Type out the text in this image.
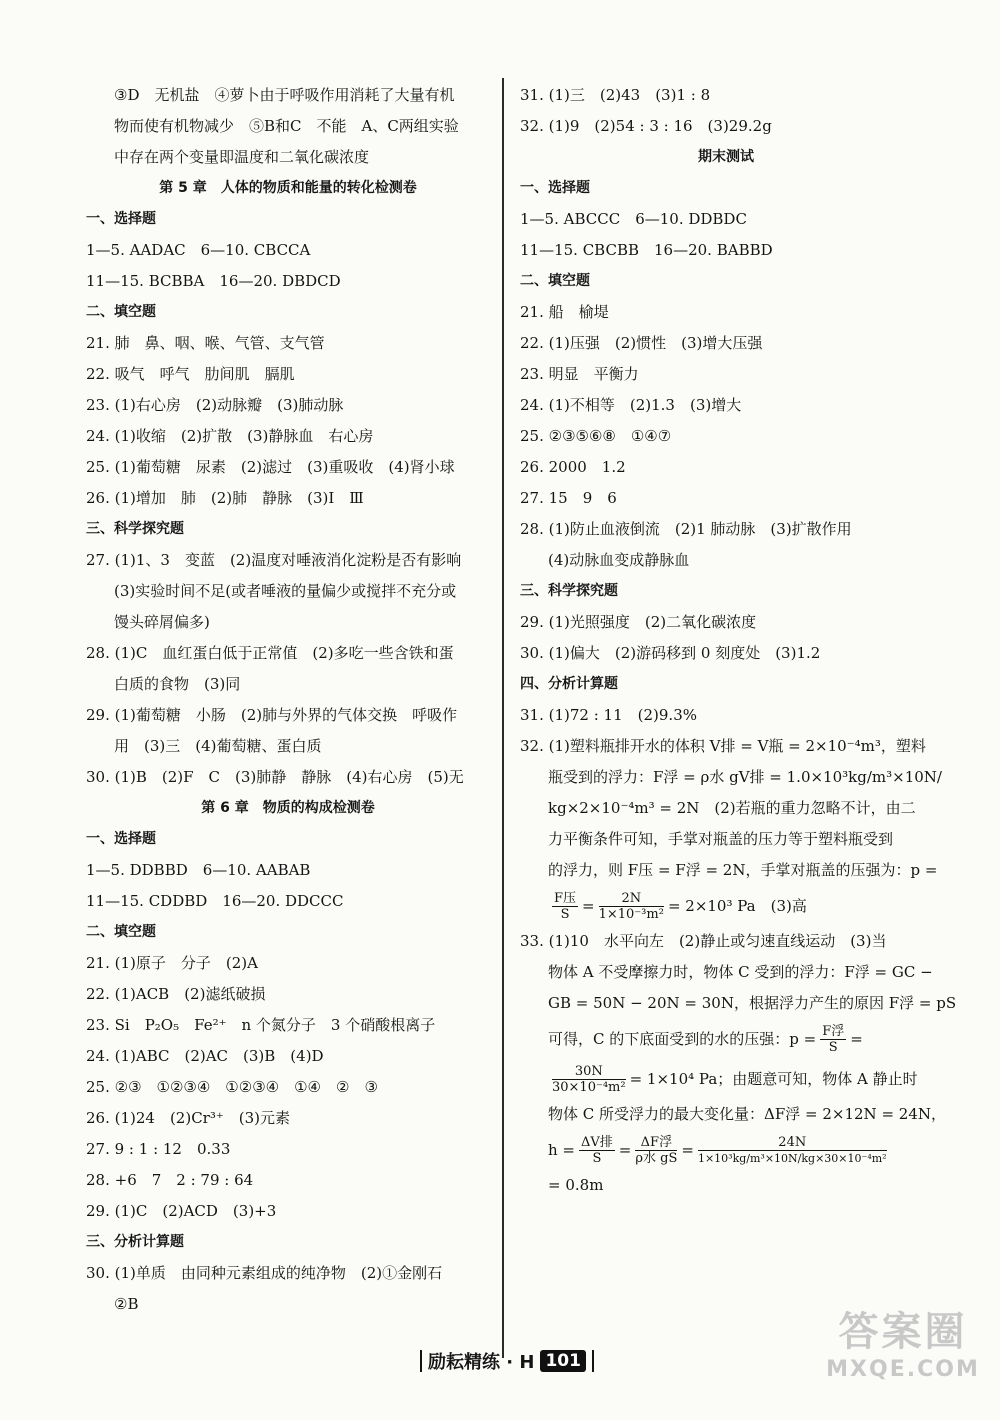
③D　无机盐　④萝卜由于呼吸作用消耗了大量有机
物而使有机物减少　⑤B和C　不能　A、C两组实验
中存在两个变量即温度和二氧化碳浓度
第 5 章　人体的物质和能量的转化检测卷
一、选择题
1—5. AADAC　6—10. CBCCA
11—15. BCBBA　16—20. DBDCD
二、填空题
21. 肺　鼻、咽、喉、气管、支气管
22. 吸气　呼气　肋间肌　膈肌
23. (1)右心房　(2)动脉瓣　(3)肺动脉
24. (1)收缩　(2)扩散　(3)静脉血　右心房
25. (1)葡萄糖　尿素　(2)滤过　(3)重吸收　(4)肾小球
26. (1)增加　肺　(2)肺　静脉　(3)Ⅰ　Ⅲ
三、科学探究题
27. (1)1、3　变蓝　(2)温度对唾液消化淀粉是否有影响
(3)实验时间不足(或者唾液的量偏少或搅拌不充分或
馒头碎屑偏多)
28. (1)C　血红蛋白低于正常值　(2)多吃一些含铁和蛋
白质的食物　(3)同
29. (1)葡萄糖　小肠　(2)肺与外界的气体交换　呼吸作
用　(3)三　(4)葡萄糖、蛋白质
30. (1)B　(2)F　C　(3)肺静　静脉　(4)右心房　(5)无
第 6 章　物质的构成检测卷
一、选择题
1—5. DDBBD　6—10. AABAB
11—15. CDDBD　16—20. DDCCC
二、填空题
21. (1)原子　分子　(2)A
22. (1)ACB　(2)滤纸破损
23. Si　P₂O₅　Fe²⁺　n 个氮分子　3 个硝酸根离子
24. (1)ABC　(2)AC　(3)B　(4)D
25. ②③　①②③④　①②③④　①④　②　③
26. (1)24　(2)Cr³⁺　(3)元素
27. 9 : 1 : 12　0.33
28. +6　7　2 : 79 : 64
29. (1)C　(2)ACD　(3)+3
三、分析计算题
30. (1)单质　由同种元素组成的纯净物　(2)①金刚石
②B
31. (1)三　(2)43　(3)1 : 8
32. (1)9　(2)54 : 3 : 16　(3)29.2g
期末测试
一、选择题
1—5. ABCCC　6—10. DDBDC
11—15. CBCBB　16—20. BABBD
二、填空题
21. 船　榆堤
22. (1)压强　(2)惯性　(3)增大压强
23. 明显　平衡力
24. (1)不相等　(2)1.3　(3)增大
25. ②③⑤⑥⑧　①④⑦
26. 2000　1.2
27. 15　9　6
28. (1)防止血液倒流　(2)1 肺动脉　(3)扩散作用
(4)动脉血变成静脉血
三、科学探究题
29. (1)光照强度　(2)二氧化碳浓度
30. (1)偏大　(2)游码移到 0 刻度处　(3)1.2
四、分析计算题
31. (1)72 : 11　(2)9.3%
32. (1)塑料瓶排开水的体积 V排 = V瓶 = 2×10⁻⁴m³，塑料
瓶受到的浮力：F浮 = ρ水 gV排 = 1.0×10³kg/m³×10N/
kg×2×10⁻⁴m³ = 2N　(2)若瓶的重力忽略不计，由二
力平衡条件可知，手掌对瓶盖的压力等于塑料瓶受到
的浮力，则 F压 = F浮 = 2N，手掌对瓶盖的压强为：p =
$\frac{\text{F压}}{S} = \frac{2N}{\text{1×10⁻³m²}} = 2\times 10^3$ Pa　(3)高
33. (1)10　水平向左　(2)静止或匀速直线运动　(3)当
物体 A 不受摩擦力时，物体 C 受到的浮力：F浮 = GC −
GB = 50N − 20N = 30N，根据浮力产生的原因 F浮 = pS
可得，C 的下底面受到的水的压强：$p = \frac{\text{F浮}}{S}$ =
$\frac{30N}{\text{30×10⁻⁴m²}} = 1\times 10^4$ Pa；由题意可知，物体 A 静止时
物体 C 所受浮力的最大变化量：ΔF浮 = 2×12N = 24N，
$h = \frac{\text{ΔV排}}{S} = \frac{\text{ΔF浮}}{\text{ρ水 gS}} = \frac{24N}{\text{1×10³kg/m³×10N/kg×30×10⁻⁴m²}}$
= 0.8m
励耘精练 · H 101
答案圈
MXQE.COM
